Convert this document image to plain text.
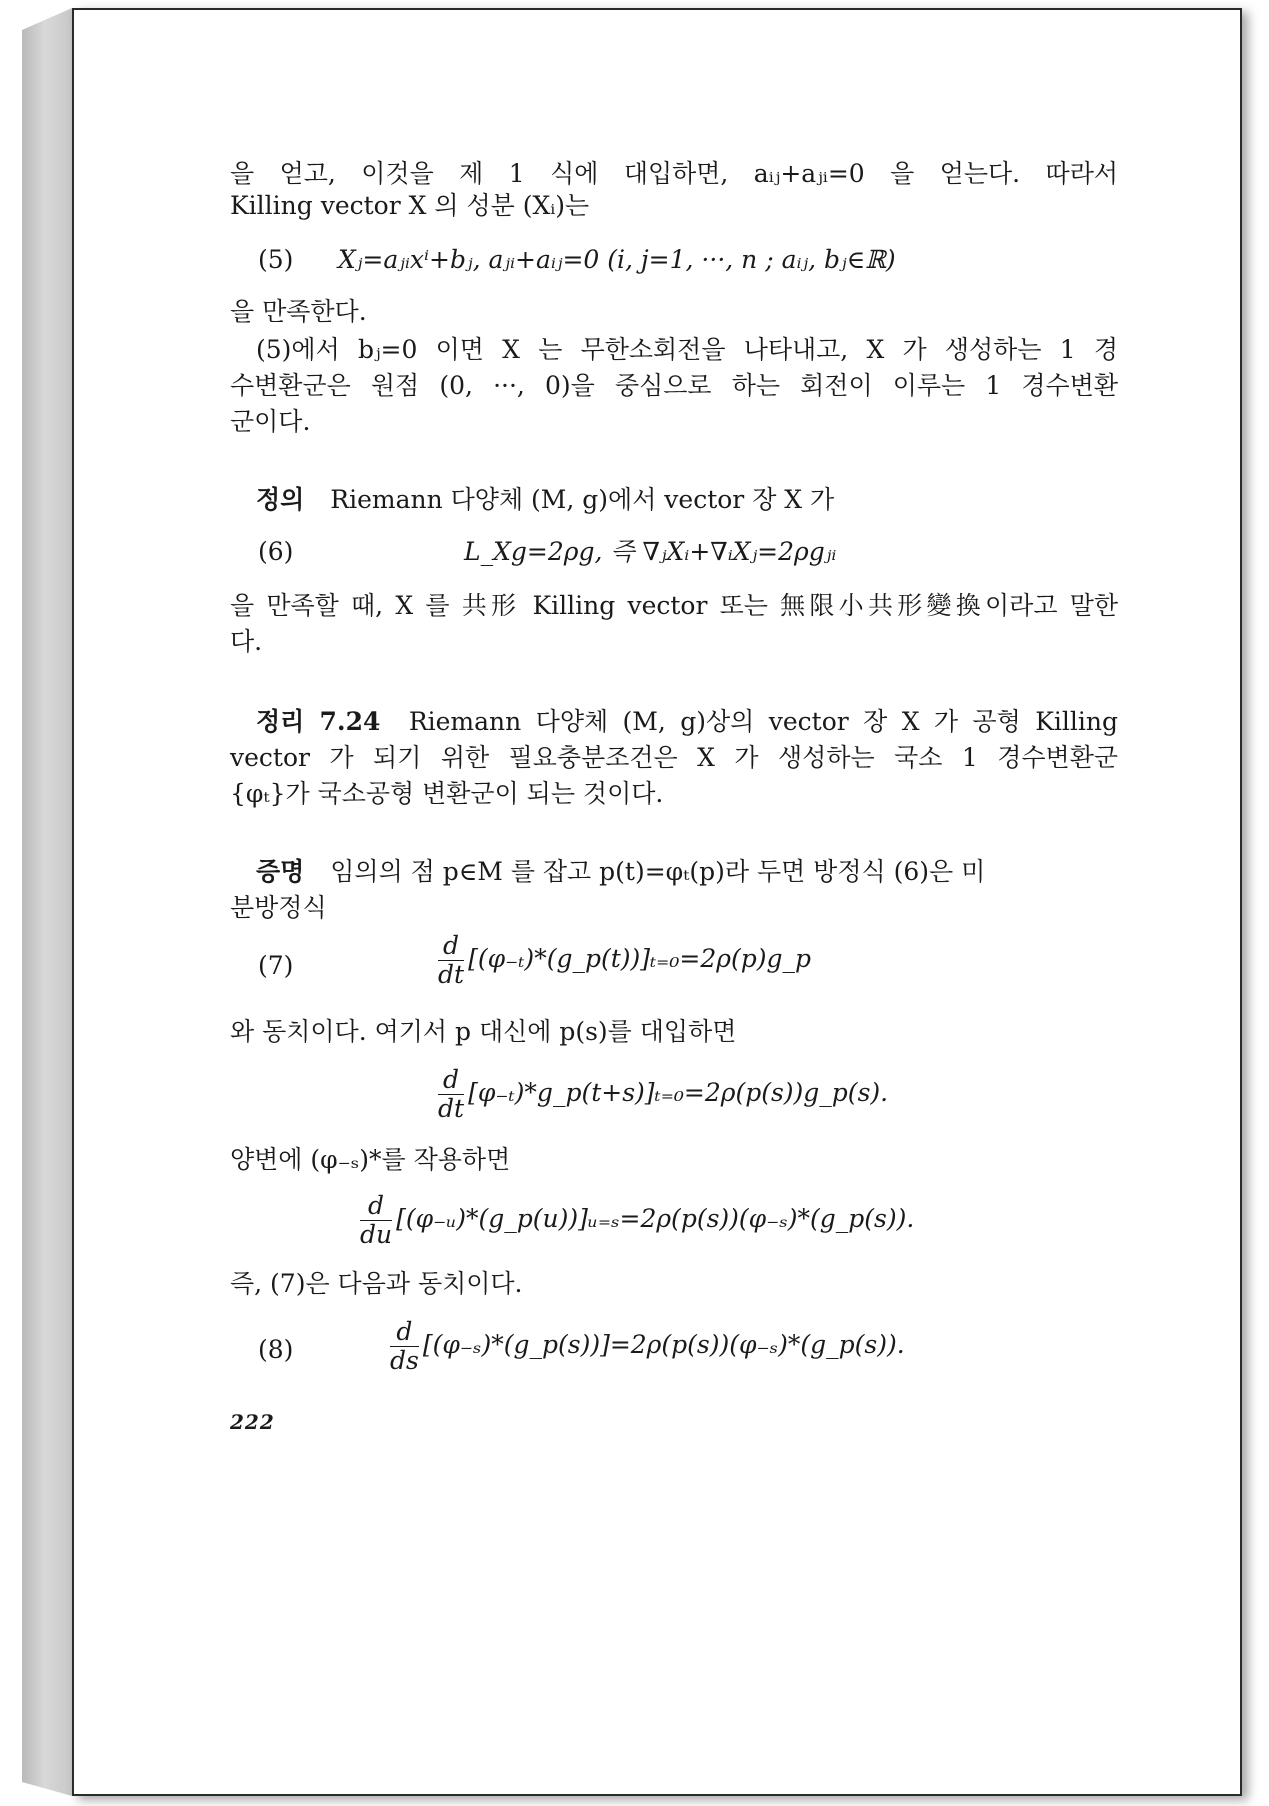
을 얻고, 이것을 제 1 식에 대입하면, aᵢⱼ+aⱼᵢ=0 을 얻는다. 따라서
Killing vector X 의 성분 (Xᵢ)는
(5) Xⱼ=aⱼᵢxⁱ+bⱼ, aⱼᵢ+aᵢⱼ=0 (i, j=1, ···, n ; aᵢⱼ, bⱼ∈ℝ)
을 만족한다.
(5)에서 bⱼ=0 이면 X 는 무한소회전을 나타내고, X 가 생성하는 1 경
수변환군은 원점 (0, ···, 0)을 중심으로 하는 회전이 이루는 1 경수변환
군이다.
정의 Riemann 다양체 (M, g)에서 vector 장 X 가
(6)	L_Xg=2ρg, 즉 ∇ⱼXᵢ+∇ᵢXⱼ=2ρgⱼᵢ
을 만족할 때, X 를 共形 Killing vector 또는 無限小共形變換이라고 말한
다.
정리 7.24 Riemann 다양체 (M, g)상의 vector 장 X 가 공형 Killing
vector 가 되기 위한 필요충분조건은 X 가 생성하는 국소 1 경수변환군
{φₜ}가 국소공형 변환군이 되는 것이다.
증명 임의의 점 p∈M 를 잡고 p(t)=φₜ(p)라 두면 방정식 (6)은 미
분방정식
(7)	$\frac{d}{dt}$ [(φ₋ₜ)*(g_p(t))]ₜ₌₀=2ρ(p)g_p
와 동치이다. 여기서 p 대신에 p(s)를 대입하면
$\frac{d}{dt}$ [φ₋ₜ)*g_p(t+s)]ₜ₌₀=2ρ(p(s))g_p(s).
양변에 (φ₋ₛ)*를 작용하면
$\frac{d}{du}$ [(φ₋ᵤ)*(g_p(u))]ᵤ₌ₛ=2ρ(p(s))(φ₋ₛ)*(g_p(s)).
즉, (7)은 다음과 동치이다.
(8)	$\frac{d}{ds}$ [(φ₋ₛ)*(g_p(s))]=2ρ(p(s))(φ₋ₛ)*(g_p(s)).
222
